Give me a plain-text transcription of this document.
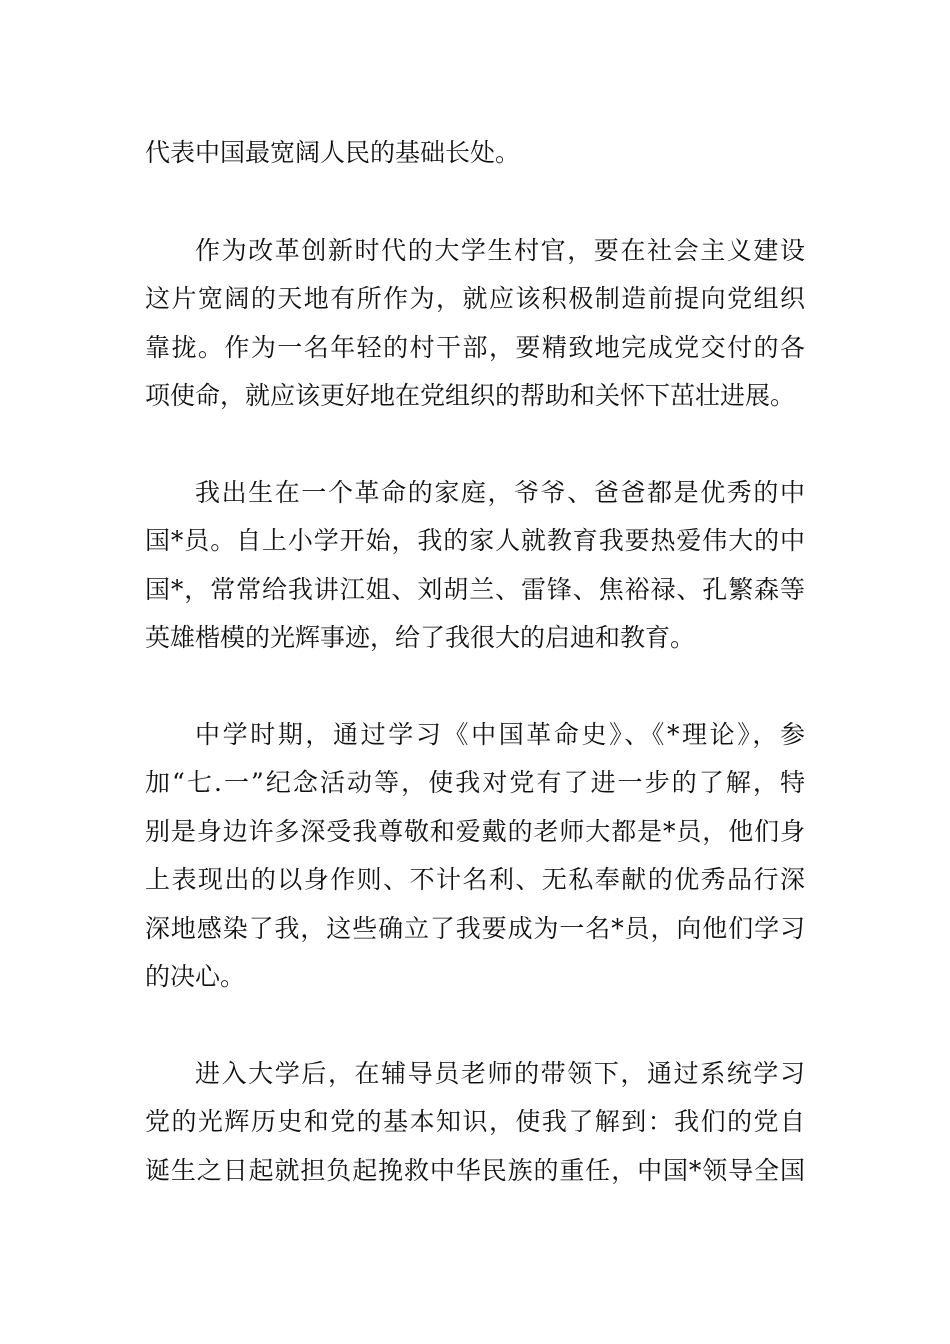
代表中国最宽阔人民的基础长处。
作为改革创新时代的大学生村官，要在社会主义建设
这片宽阔的天地有所作为，就应该积极制造前提向党组织
靠拢。作为一名年轻的村干部，要精致地完成党交付的各
项使命，就应该更好地在党组织的帮助和关怀下茁壮进展。
我出生在一个革命的家庭，爷爷、爸爸都是优秀的中
国*员。自上小学开始，我的家人就教育我要热爱伟大的中
国*，常常给我讲江姐、刘胡兰、雷锋、焦裕禄、孔繁森等
英雄楷模的光辉事迹，给了我很大的启迪和教育。
中学时期，通过学习《中国革命史》、《*理论》，参
加“七.一”纪念活动等，使我对党有了进一步的了解，特
别是身边许多深受我尊敬和爱戴的老师大都是*员，他们身
上表现出的以身作则、不计名利、无私奉献的优秀品行深
深地感染了我，这些确立了我要成为一名*员，向他们学习
的决心。
进入大学后，在辅导员老师的带领下，通过系统学习
党的光辉历史和党的基本知识，使我了解到：我们的党自
诞生之日起就担负起挽救中华民族的重任，中国*领导全国
